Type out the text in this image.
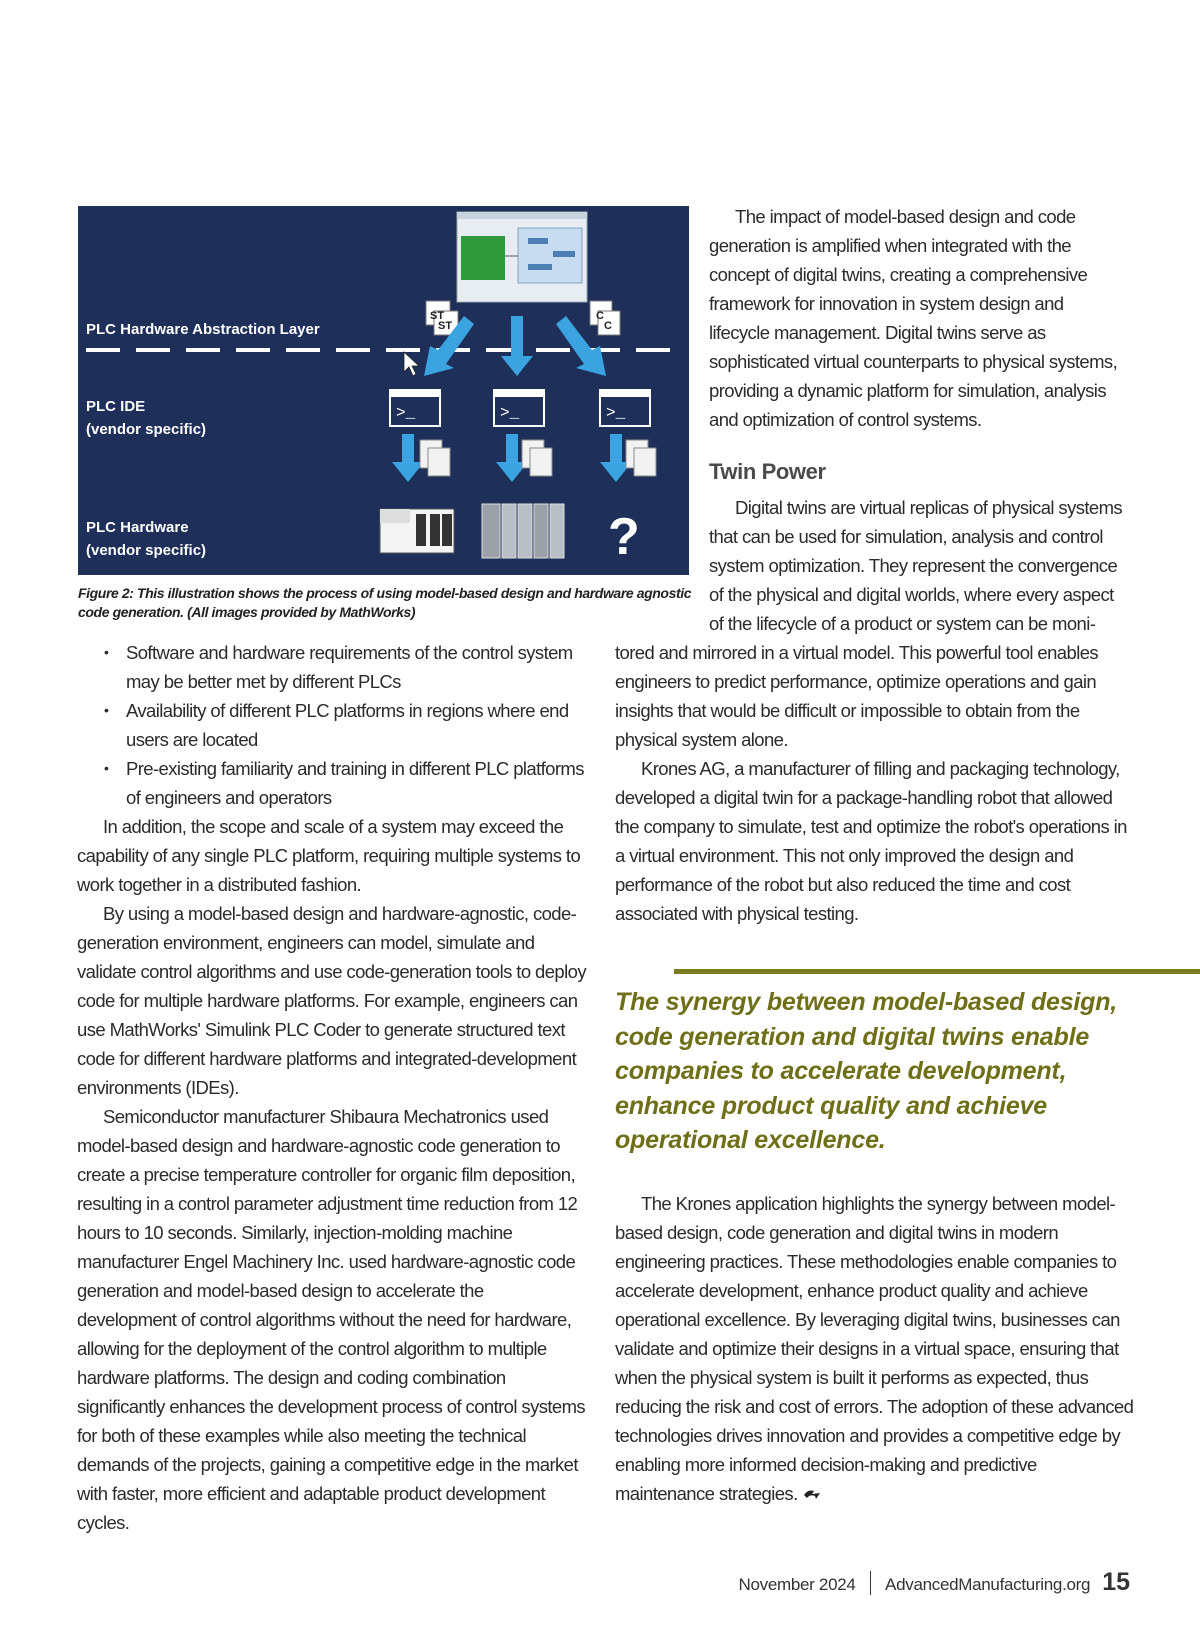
PLC Hardware Abstraction Layer
PLC IDE
(vendor specific)
PLC Hardware
(vendor specific)
ST
ST
C
C
>_	>_	>_
?
Figure 2: This illustration shows the process of using model-based design and hardware agnostic code generation. (All images provided by MathWorks)
• Software and hardware requirements of the control system may be better met by different PLCs
• Availability of different PLC platforms in regions where end users are located
• Pre-existing familiarity and training in different PLC platforms of engineers and operators

In addition, the scope and scale of a system may exceed the capability of any single PLC platform, requiring multiple systems to work together in a distributed fashion.

By using a model-based design and hardware-agnostic, code-generation environment, engineers can model, simulate and validate control algorithms and use code-generation tools to deploy code for multiple hardware platforms. For example, engineers can use MathWorks' Simulink PLC Coder to generate structured text code for different hardware platforms and integrated-development environments (IDEs).

Semiconductor manufacturer Shibaura Mechatronics used model-based design and hardware-agnostic code generation to create a precise temperature controller for organic film deposition, resulting in a control parameter adjustment time reduction from 12 hours to 10 seconds. Similarly, injection-molding machine manufacturer Engel Machinery Inc. used hardware-agnostic code generation and model-based design to accelerate the development of control algorithms without the need for hardware, allowing for the deployment of the control algorithm to multiple hardware platforms. The design and coding combination significantly enhances the development process of control systems for both of these examples while also meeting the technical demands of the projects, gaining a competitive edge in the market with faster, more efficient and adaptable product development cycles.

The impact of model-based design and code generation is amplified when integrated with the concept of digital twins, creating a comprehensive framework for innovation in system design and lifecycle management. Digital twins serve as sophisticated virtual counterparts to physical systems, providing a dynamic platform for simulation, analysis and optimization of control systems.

Twin Power

Digital twins are virtual replicas of physical systems that can be used for simulation, analysis and control system optimization. They represent the convergence of the physical and digital worlds, where every aspect of the lifecycle of a product or system can be moni-

tored and mirrored in a virtual model. This powerful tool enables engineers to predict performance, optimize operations and gain insights that would be difficult or impossible to obtain from the physical system alone.

Krones AG, a manufacturer of filling and packaging technology, developed a digital twin for a package-handling robot that allowed the company to simulate, test and optimize the robot's operations in a virtual environment. This not only improved the design and performance of the robot but also reduced the time and cost associated with physical testing.

The synergy between model-based design, code generation and digital twins enable companies to accelerate development, enhance product quality and achieve operational excellence.

The Krones application highlights the synergy between model-based design, code generation and digital twins in modern engineering practices. These methodologies enable companies to accelerate development, enhance product quality and achieve operational excellence. By leveraging digital twins, businesses can validate and optimize their designs in a virtual space, ensuring that when the physical system is built it performs as expected, thus reducing the risk and cost of errors. The adoption of these advanced technologies drives innovation and provides a competitive edge by enabling more informed decision-making and predictive maintenance strategies.

November 2024 AdvancedManufacturing.org 15
